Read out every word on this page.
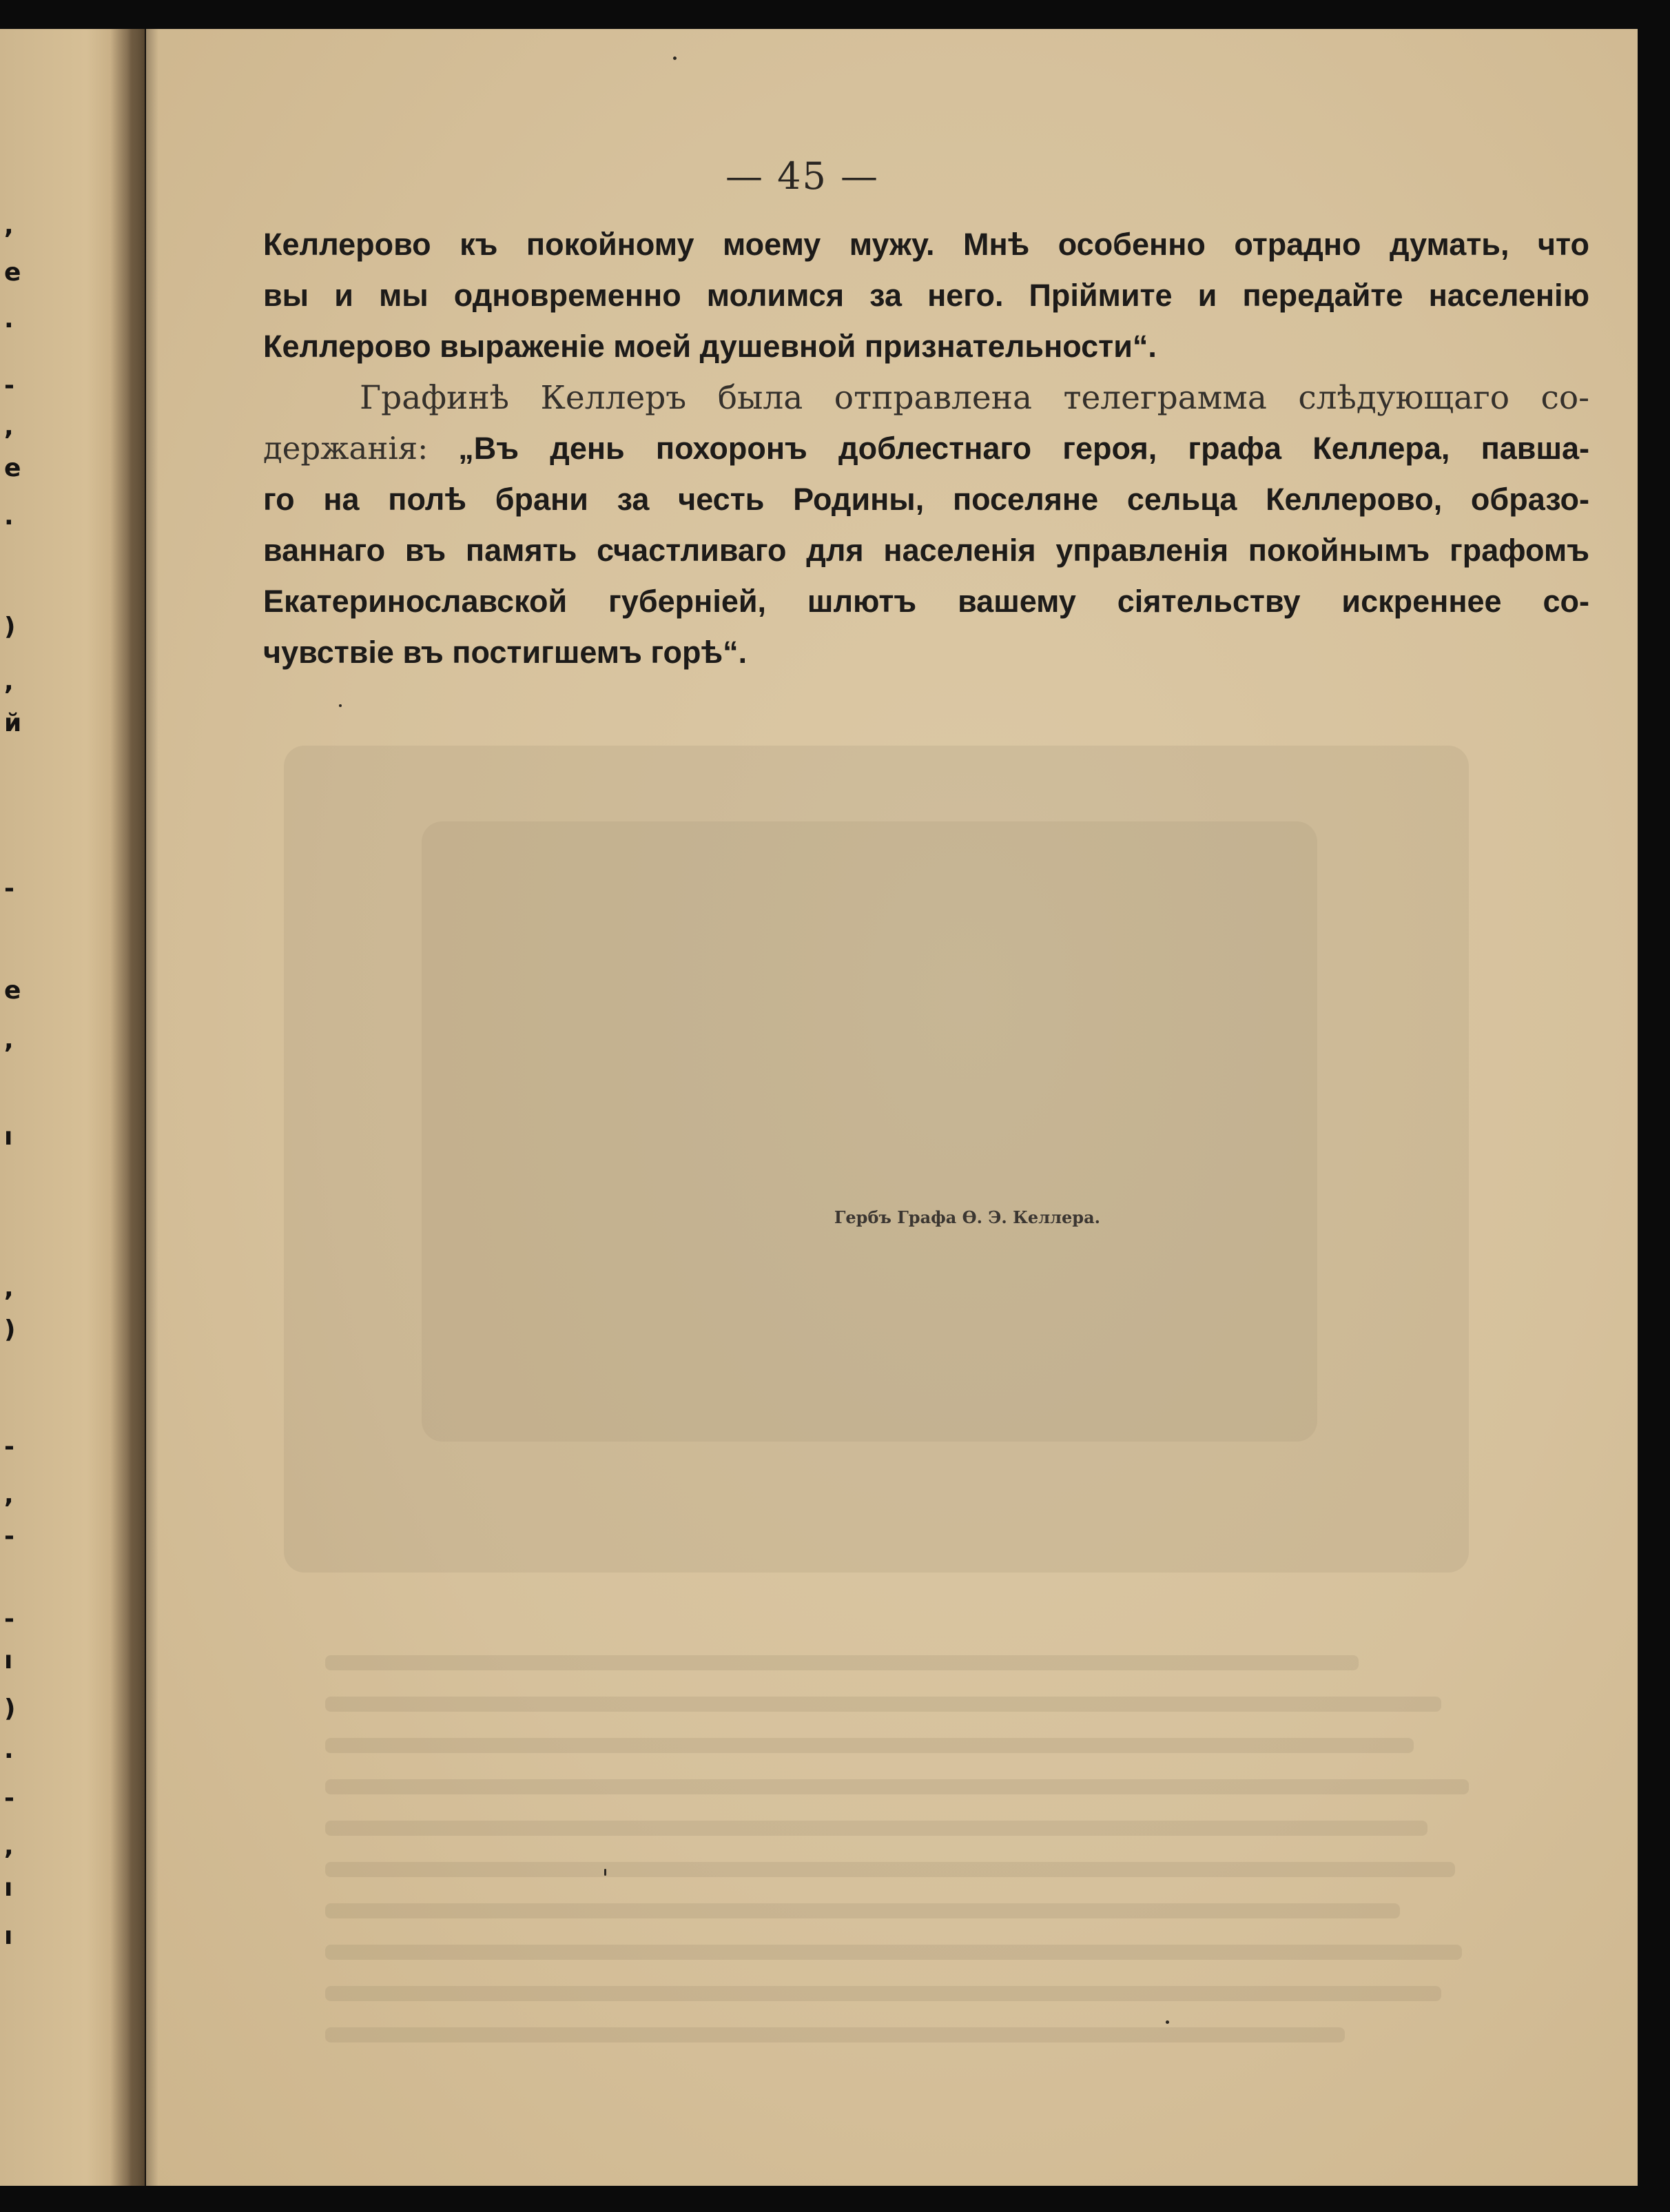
,
e
.
-
,
e
.
)
,
й
-
e
,
ı
,
)
-
,
-
-
ı
)
.
-
,
ı
ı
— 45 —

Келлерово къ покойному моему мужу. Мнѣ особенно отрадно думать, что

вы и мы одновременно молимся за него. Пріймите и передайте населенію

Келлерово выраженіе моей душевной признательности“.

Графинѣ Келлеръ была отправлена телеграмма слѣдующаго со-

держанія: „Въ день похоронъ доблестнаго героя, графа Келлера, павша-

го на полѣ брани за честь Родины, поселяне сельца Келлерово, образо-

ваннаго въ память счастливаго для населенія управленія покойнымъ графомъ

Екатеринославской губерніей, шлютъ вашему сіятельству искреннее со-

чувствіе въ постигшемъ горѣ“.

Гербъ Графа Ѳ. Э. Келлера.
